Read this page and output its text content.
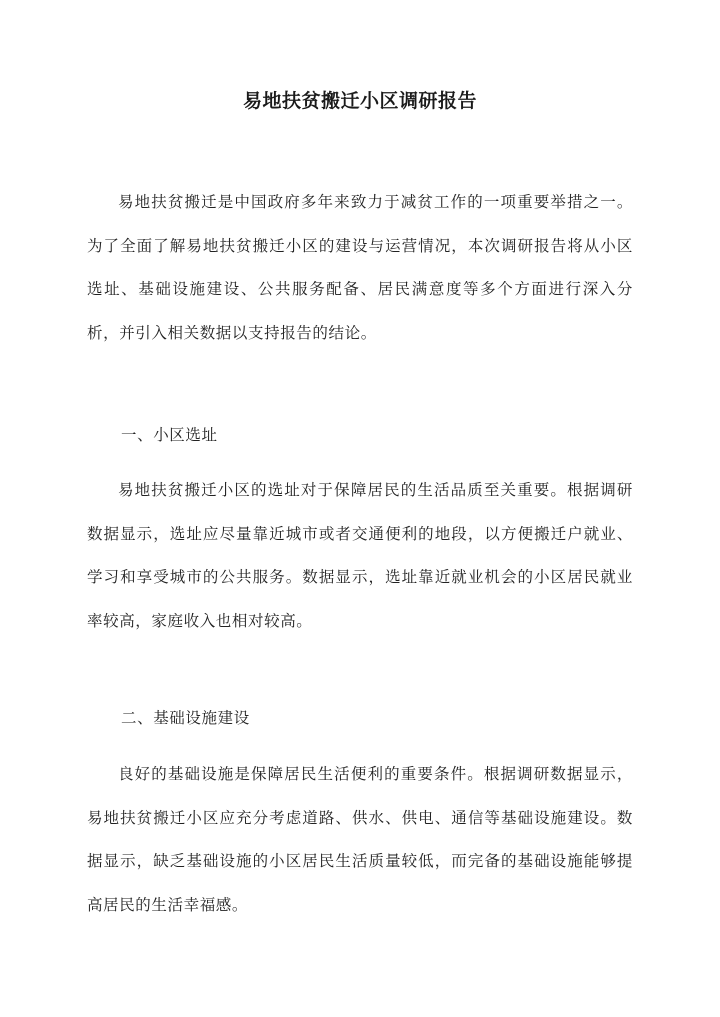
易地扶贫搬迁小区调研报告
易地扶贫搬迁是中国政府多年来致力于减贫工作的一项重要举措之一。为了全面了解易地扶贫搬迁小区的建设与运营情况，本次调研报告将从小区选址、基础设施建设、公共服务配备、居民满意度等多个方面进行深入分析，并引入相关数据以支持报告的结论。
一、小区选址
易地扶贫搬迁小区的选址对于保障居民的生活品质至关重要。根据调研数据显示，选址应尽量靠近城市或者交通便利的地段，以方便搬迁户就业、学习和享受城市的公共服务。数据显示，选址靠近就业机会的小区居民就业率较高，家庭收入也相对较高。
二、基础设施建设
良好的基础设施是保障居民生活便利的重要条件。根据调研数据显示，易地扶贫搬迁小区应充分考虑道路、供水、供电、通信等基础设施建设。数据显示，缺乏基础设施的小区居民生活质量较低，而完备的基础设施能够提高居民的生活幸福感。
